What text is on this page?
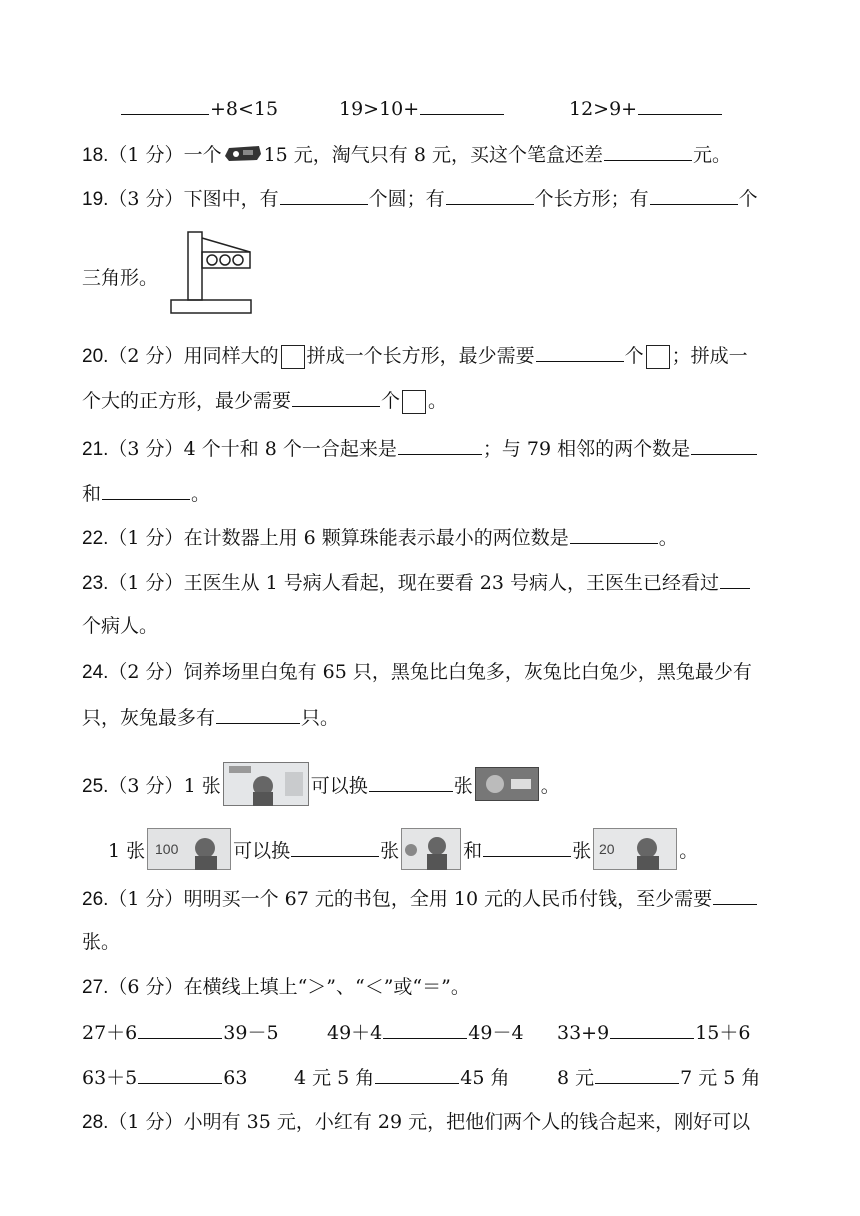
+8<15	19>10+	12>9+
18.（1 分）一个 15 元，淘气只有 8 元，买这个笔盒还差	元。
19.（3 分）下图中，有	个圆；有	个长方形；有	个
三角形。
20.（2 分）用同样大的 拼成一个长方形，最少需要	个 ；拼成一
个大的正方形，最少需要	个 。
21.（3 分）4 个十和 8 个一合起来是	；与 79 相邻的两个数是
和	。
22.（1 分）在计数器上用 6 颗算珠能表示最小的两位数是	。
23.（1 分）王医生从 1 号病人看起，现在要看 23 号病人，王医生已经看过
个病人。
24.（2 分）饲养场里白兔有 65 只，黑兔比白兔多，灰兔比白兔少，黑兔最少有
只，灰兔最多有	只。
25.（3 分）1 张	可以换	张	。
1 张 100	可以换	张	和	张 20	。
26.（1 分）明明买一个 67 元的书包，全用 10 元的人民币付钱，至少需要
张。
27.（6 分）在横线上填上“＞”、“＜”或“＝”。
27＋6	39－5	49＋4	49－4 33+9	15＋6
63＋5	63 4 元 5 角	45 角 8 元	7 元 5 角
28.（1 分）小明有 35 元，小红有 29 元，把他们两个人的钱合起来，刚好可以
